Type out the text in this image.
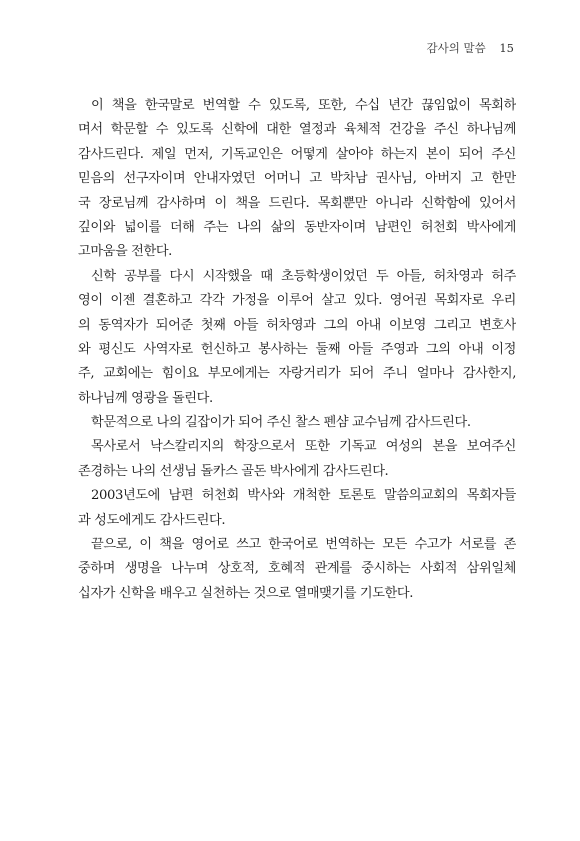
감사의 말씀 15
이 책을 한국말로 번역할 수 있도록, 또한, 수십 년간 끊임없이 목회하
며서 학문할 수 있도록 신학에 대한 열정과 육체적 건강을 주신 하나님께
감사드린다. 제일 먼저, 기독교인은 어떻게 살아야 하는지 본이 되어 주신
믿음의 선구자이며 안내자였던 어머니 고 박차남 권사님, 아버지 고 한만
국 장로님께 감사하며 이 책을 드린다. 목회뿐만 아니라 신학함에 있어서
깊이와 넓이를 더해 주는 나의 삶의 동반자이며 남편인 허천회 박사에게
고마움을 전한다.
신학 공부를 다시 시작했을 때 초등학생이었던 두 아들, 허차영과 허주
영이 이젠 결혼하고 각각 가정을 이루어 살고 있다. 영어권 목회자로 우리
의 동역자가 되어준 첫째 아들 허차영과 그의 아내 이보영 그리고 변호사
와 평신도 사역자로 헌신하고 봉사하는 둘째 아들 주영과 그의 아내 이정
주, 교회에는 힘이요 부모에게는 자랑거리가 되어 주니 얼마나 감사한지,
하나님께 영광을 돌린다.
학문적으로 나의 길잡이가 되어 주신 찰스 펜샴 교수님께 감사드린다.
목사로서 낙스칼리지의 학장으로서 또한 기독교 여성의 본을 보여주신
존경하는 나의 선생님 돌카스 골돈 박사에게 감사드린다.
2003년도에 남편 허천회 박사와 개척한 토론토 말씀의교회의 목회자들
과 성도에게도 감사드린다.
끝으로, 이 책을 영어로 쓰고 한국어로 번역하는 모든 수고가 서로를 존
중하며 생명을 나누며 상호적, 호혜적 관계를 중시하는 사회적 삼위일체
십자가 신학을 배우고 실천하는 것으로 열매맺기를 기도한다.
